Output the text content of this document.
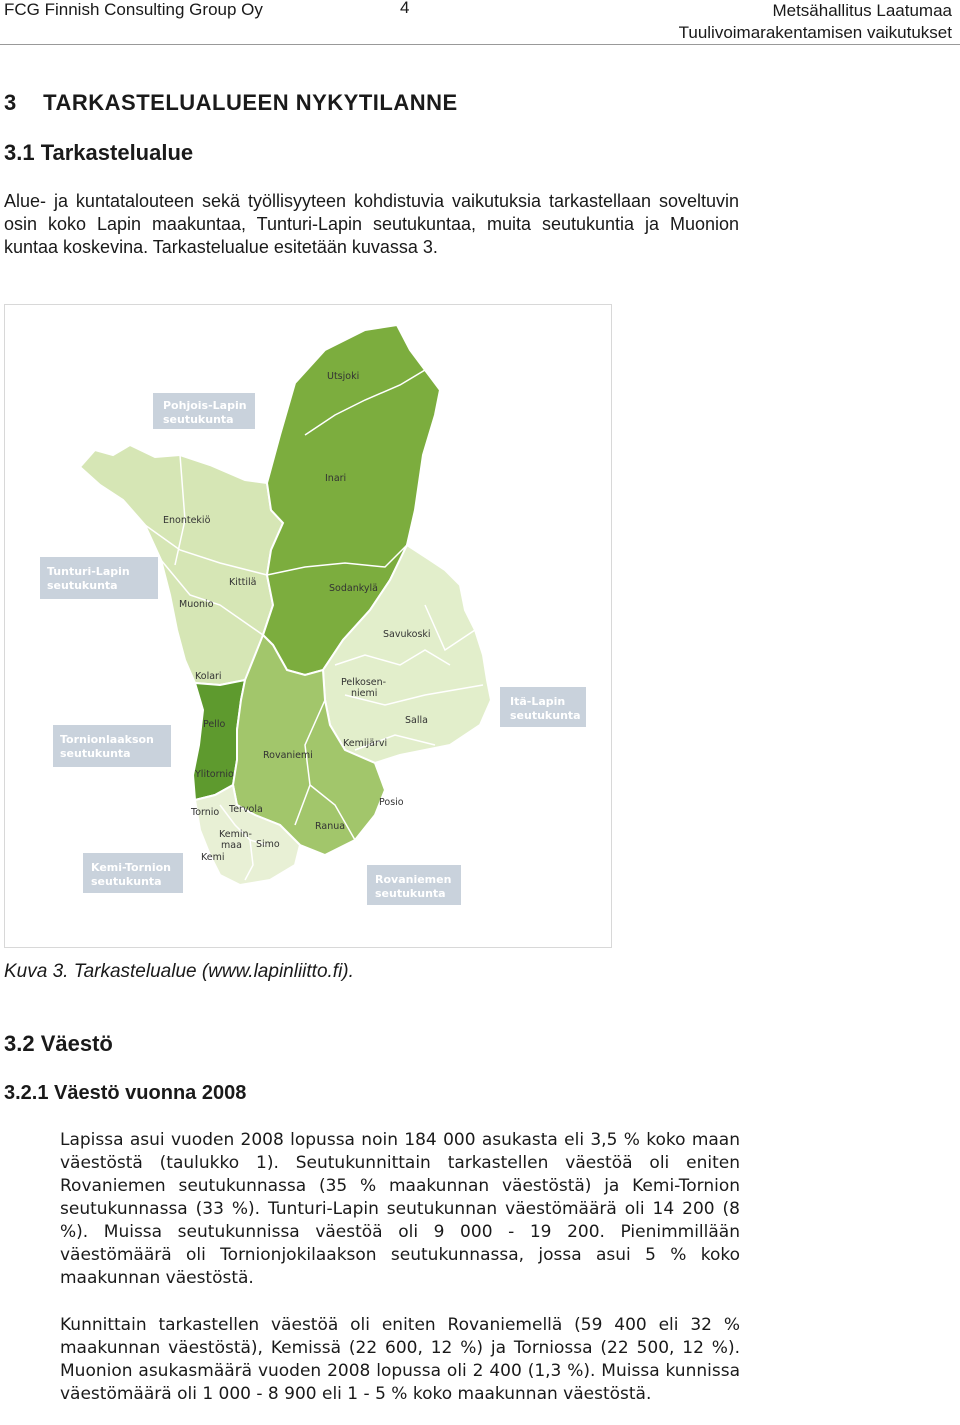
FCG Finnish Consulting Group Oy	4	Metsähallitus Laatumaa
Tuulivoimarakentamisen vaikutukset
3    TARKASTELUALUEEN NYKYTILANNE
3.1 Tarkastelualue
Alue- ja kuntatalouteen sekä työllisyyteen kohdistuvia vaikutuksia tarkastellaan soveltuvin osin koko Lapin maakuntaa, Tunturi-Lapin seutukuntaa, muita seutukuntia ja Muonion kuntaa koskevina. Tarkastelualue esitetään kuvassa 3.
Pohjois-Lapin
seutukunta
Tunturi-Lapin
seutukunta
Tornionlaakson
seutukunta
Kemi-Tornion
seutukunta
Itä-Lapin
seutukunta
Rovaniemen
seutukunta
Utsjoki
Inari
Enontekiö
Kittilä
Muonio
Sodankylä
Savukoski
Kolari
Pelkosen-
niemi
Salla
Pello
Rovaniemi
Kemijärvi
Ylitornio
Tornio Tervola
Posio
Ranua
Kemin-
maa Simo
Kemi
Kuva 3. Tarkastelualue (www.lapinliitto.fi).
3.2 Väestö
3.2.1 Väestö vuonna 2008
Lapissa asui vuoden 2008 lopussa noin 184 000 asukasta eli 3,5 % koko maan väestöstä (taulukko 1). Seutukunnittain tarkastellen väestöä oli eniten Rovaniemen seutukunnassa (35 % maakunnan väestöstä) ja Kemi-Tornion seutukunnassa (33 %). Tunturi-Lapin seutukunnan väestömäärä oli 14 200 (8 %). Muissa seutukunnissa väestöä oli 9 000 - 19 200. Pienimmillään väestömäärä oli Tornionjokilaakson seutukunnassa, jossa asui 5 % koko maakunnan väestöstä.
Kunnittain tarkastellen väestöä oli eniten Rovaniemellä (59 400 eli 32 % maakunnan väestöstä), Kemissä (22 600, 12 %) ja Torniossa (22 500, 12 %). Muonion asukasmäärä vuoden 2008 lopussa oli 2 400 (1,3 %). Muissa kunnissa väestömäärä oli 1 000 - 8 900 eli 1 - 5 % koko maakunnan väestöstä.
